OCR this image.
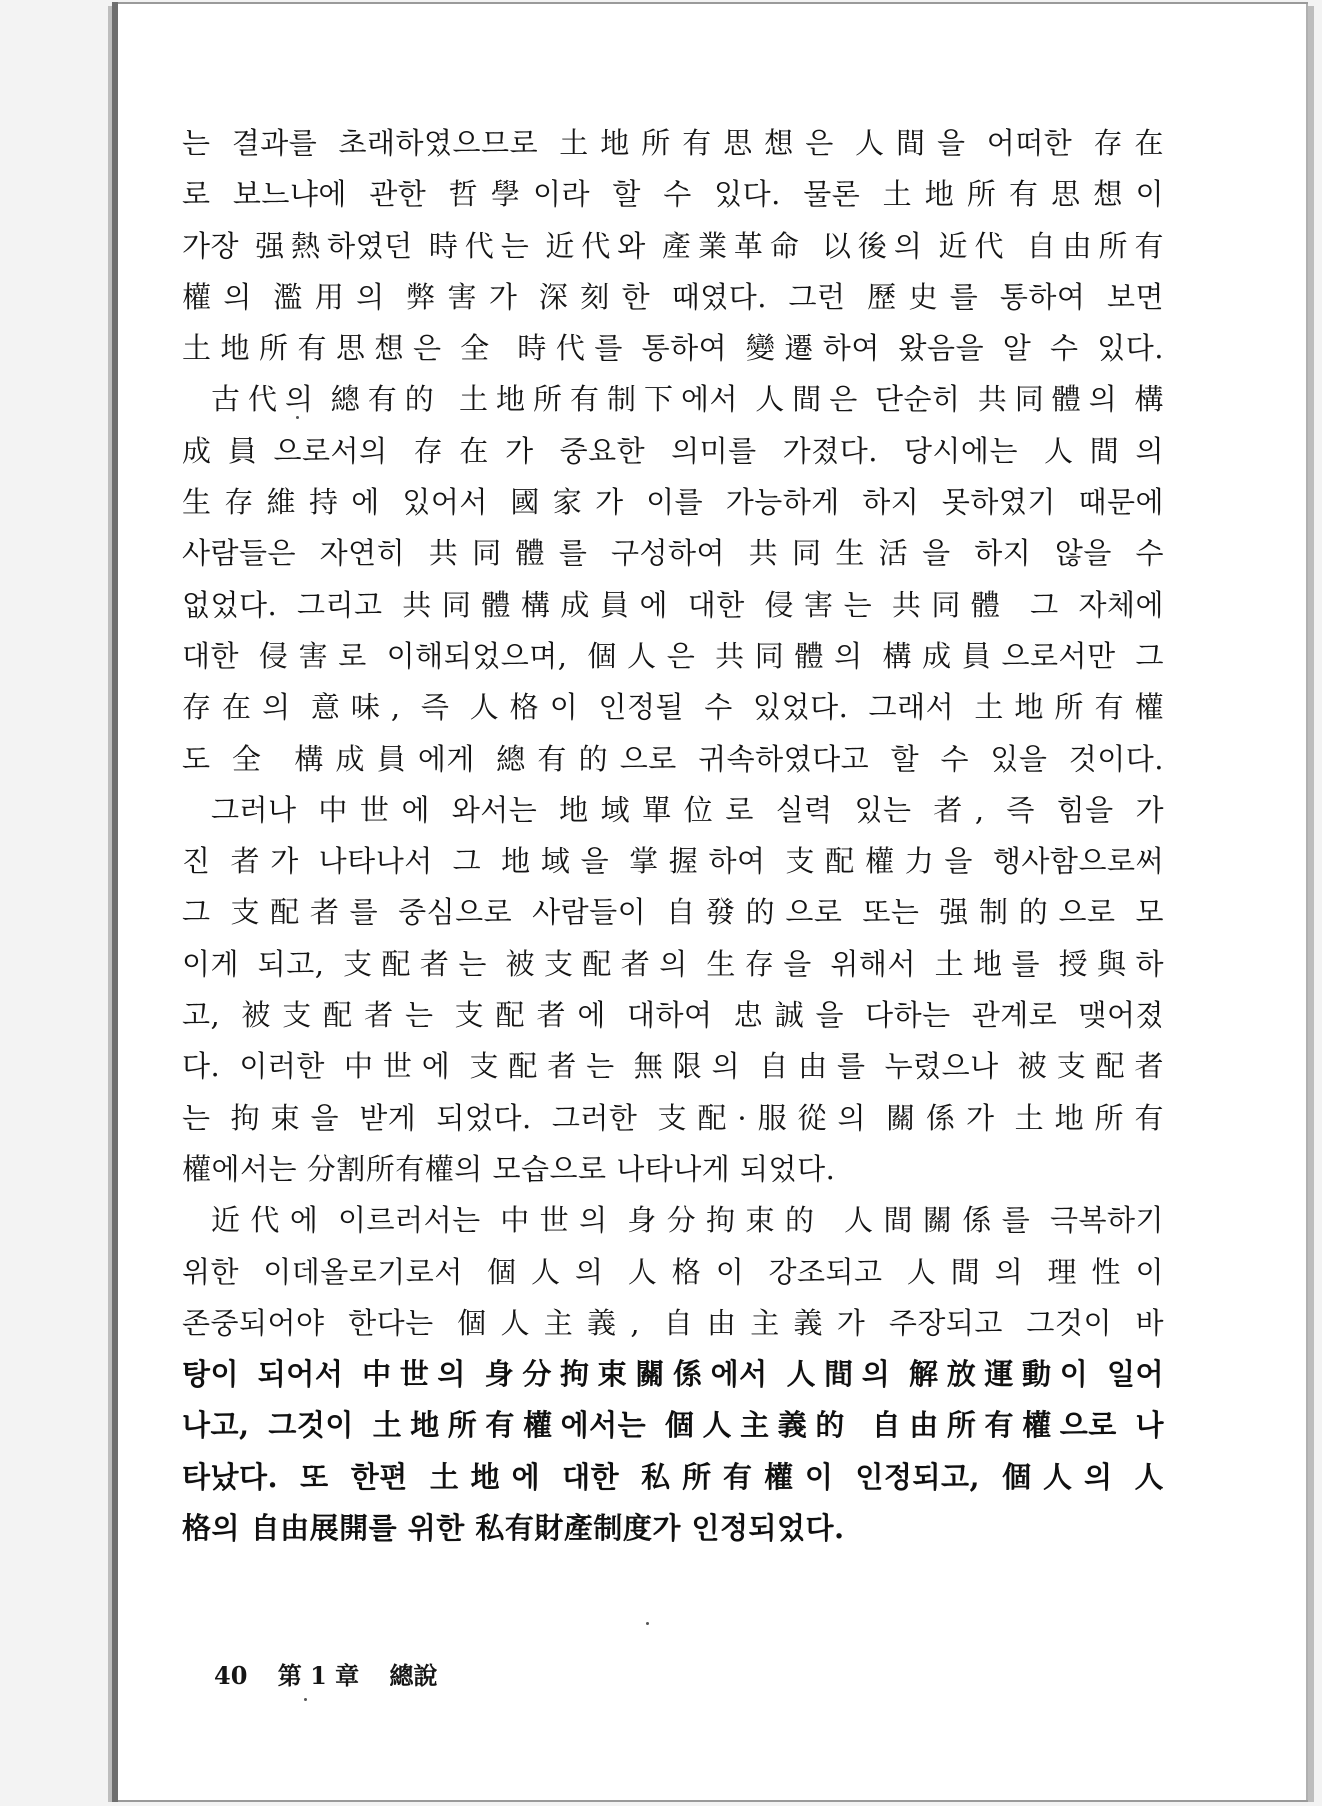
는 결과를 초래하였으므로 土地所有思想은 人間을 어떠한 存在
로 보느냐에 관한 哲學이라 할 수 있다. 물론 土地所有思想이
가장 强熱하였던 時代는 近代와 產業革命 以後의 近代 自由所有
權의 濫用의 弊害가 深刻한 때였다. 그런 歷史를 통하여 보면
土地所有思想은 全 時代를 통하여 變遷하여 왔음을 알 수 있다.
古代의 總有的 土地所有制下에서 人間은 단순히 共同體의 構
成員으로서의 存在가 중요한 의미를 가졌다. 당시에는 人間의
生存維持에 있어서 國家가 이를 가능하게 하지 못하였기 때문에
사람들은 자연히 共同體를 구성하여 共同生活을 하지 않을 수
없었다. 그리고 共同體構成員에 대한 侵害는 共同體 그 자체에
대한 侵害로 이해되었으며, 個人은 共同體의 構成員으로서만 그
存在의 意味, 즉 人格이 인정될 수 있었다. 그래서 土地所有權
도 全 構成員에게 總有的으로 귀속하였다고 할 수 있을 것이다.
그러나 中世에 와서는 地域單位로 실력 있는 者, 즉 힘을 가
진 者가 나타나서 그 地域을 掌握하여 支配權力을 행사함으로써
그 支配者를 중심으로 사람들이 自發的으로 또는 强制的으로 모
이게 되고, 支配者는 被支配者의 生存을 위해서 土地를 授與하
고, 被支配者는 支配者에 대하여 忠誠을 다하는 관계로 맺어졌
다. 이러한 中世에 支配者는 無限의 自由를 누렸으나 被支配者
는 拘束을 받게 되었다. 그러한 支配·服從의 關係가 土地所有
權에서는 分割所有權의 모습으로 나타나게 되었다.
近代에 이르러서는 中世의 身分拘束的 人間關係를 극복하기
위한 이데올로기로서 個人의 人格이 강조되고 人間의 理性이
존중되어야 한다는 個人主義, 自由主義가 주장되고 그것이 바
탕이 되어서 中世의 身分拘束關係에서 人間의 解放運動이 일어
나고, 그것이 土地所有權에서는 個人主義的 自由所有權으로 나
타났다. 또 한편 土地에 대한 私所有權이 인정되고, 個人의 人
格의 自由展開를 위한 私有財產制度가 인정되었다.
40 第 1 章 總說
